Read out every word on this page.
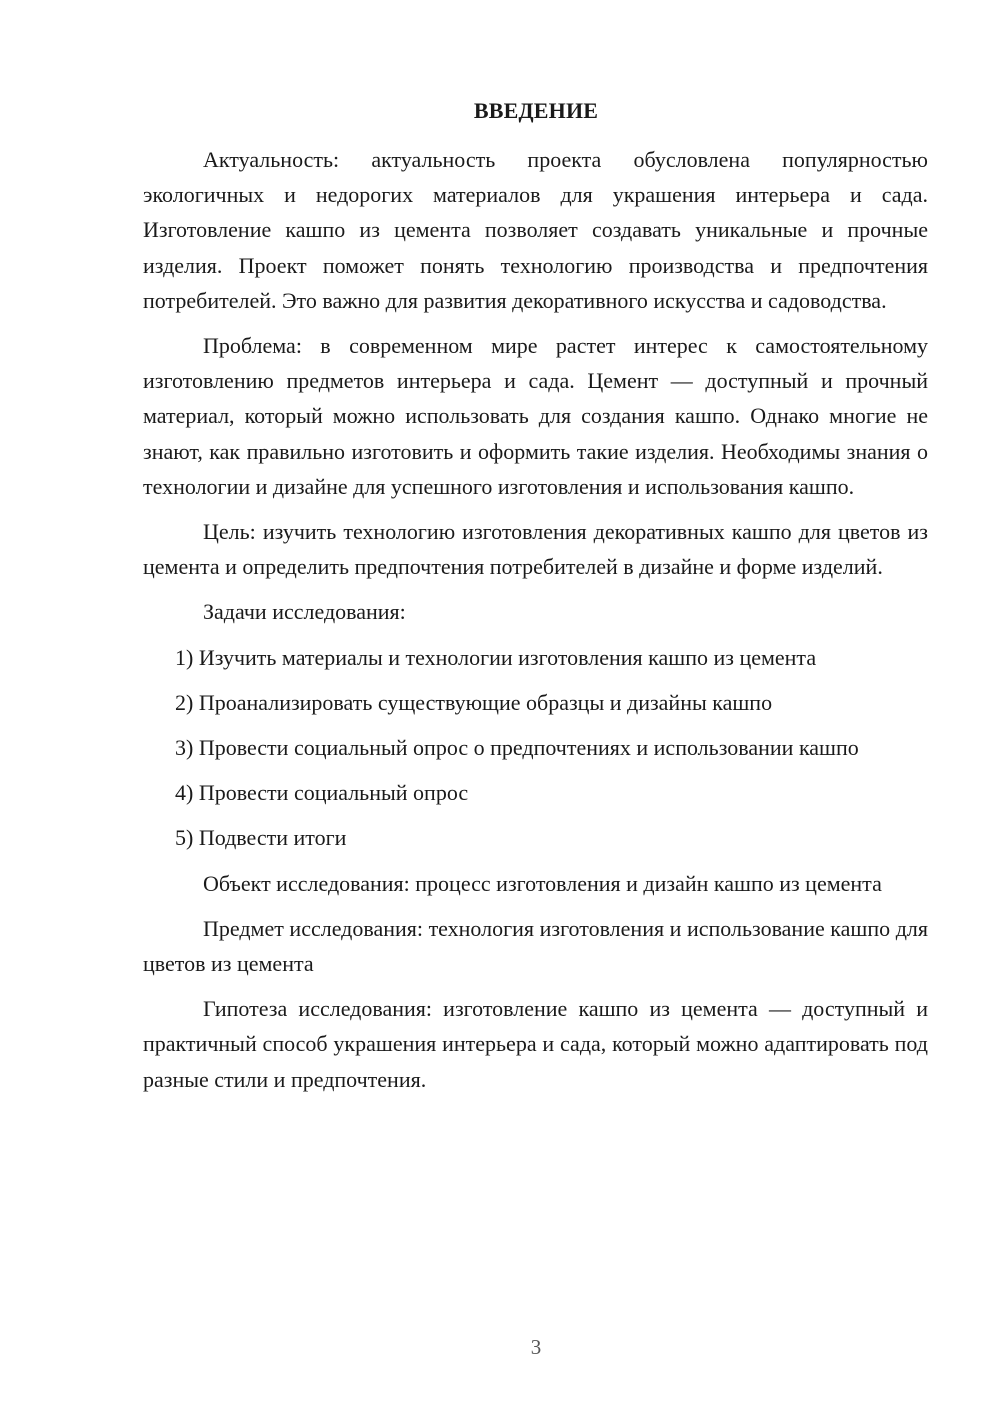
ВВЕДЕНИЕ

Актуальность: актуальность проекта обусловлена популярностью экологичных и недорогих материалов для украшения интерьера и сада. Изготовление кашпо из цемента позволяет создавать уникальные и прочные изделия. Проект поможет понять технологию производства и предпочтения потребителей. Это важно для развития декоративного искусства и садоводства.

Проблема: в современном мире растет интерес к самостоятельному изготовлению предметов интерьера и сада. Цемент — доступный и прочный материал, который можно использовать для создания кашпо. Однако многие не знают, как правильно изготовить и оформить такие изделия. Необходимы знания о технологии и дизайне для успешного изготовления и использования кашпо.

Цель: изучить технологию изготовления декоративных кашпо для цветов из цемента и определить предпочтения потребителей в дизайне и форме изделий.

Задачи исследования:

1) Изучить материалы и технологии изготовления кашпо из цемента

2) Проанализировать существующие образцы и дизайны кашпо

3) Провести социальный опрос о предпочтениях и использовании кашпо

4) Провести социальный опрос

5) Подвести итоги

Объект исследования: процесс изготовления и дизайн кашпо из цемента

Предмет исследования: технология изготовления и использование кашпо для цветов из цемента

Гипотеза исследования: изготовление кашпо из цемента — доступный и практичный способ украшения интерьера и сада, который можно адаптировать под разные стили и предпочтения.

3
